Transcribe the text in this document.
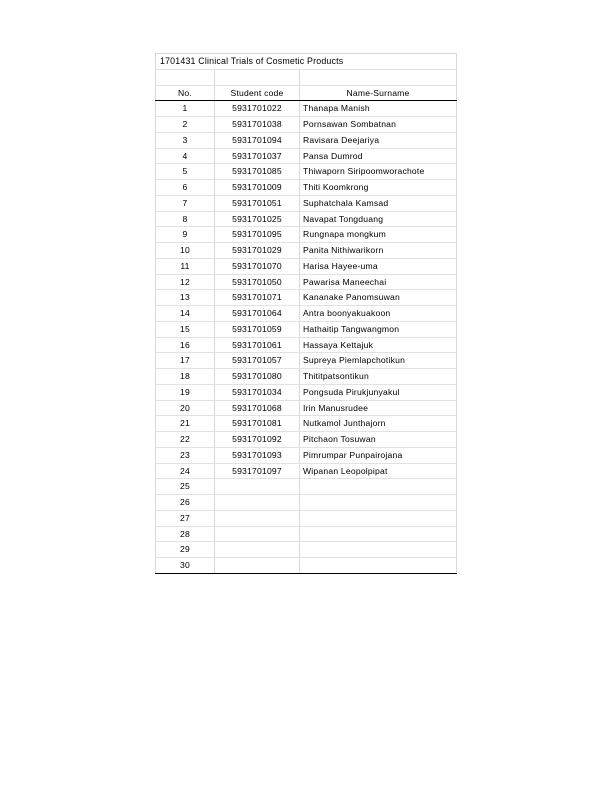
1701431 Clinical Trials of Cosmetic Products		

No.	Student code	Name-Surname
1	5931701022	Thanapa Manish
2	5931701038	Pornsawan Sombatnan
3	5931701094	Ravisara Deejariya
4	5931701037	Pansa Dumrod
5	5931701085	Thiwaporn Siripoomworachote
6	5931701009	Thiti Koomkrong
7	5931701051	Suphatchala Kamsad
8	5931701025	Navapat Tongduang
9	5931701095	Rungnapa mongkum
10	5931701029	Panita Nithiwarikorn
11	5931701070	Harisa Hayee-uma
12	5931701050	Pawarisa Maneechai
13	5931701071	Kananake Panomsuwan
14	5931701064	Antra boonyakuakoon
15	5931701059	Hathaitip Tangwangmon
16	5931701061	Hassaya Kettajuk
17	5931701057	Supreya Piemlapchotikun
18	5931701080	Thititpatsontikun
19	5931701034	Pongsuda Pirukjunyakul
20	5931701068	Irin Manusrudee
21	5931701081	Nutkamol Junthajorn
22	5931701092	Pitchaon Tosuwan
23	5931701093	Pimrumpar Punpairojana
24	5931701097	Wipanan Leopolpipat
25		
26		
27		
28		
29		
30		
